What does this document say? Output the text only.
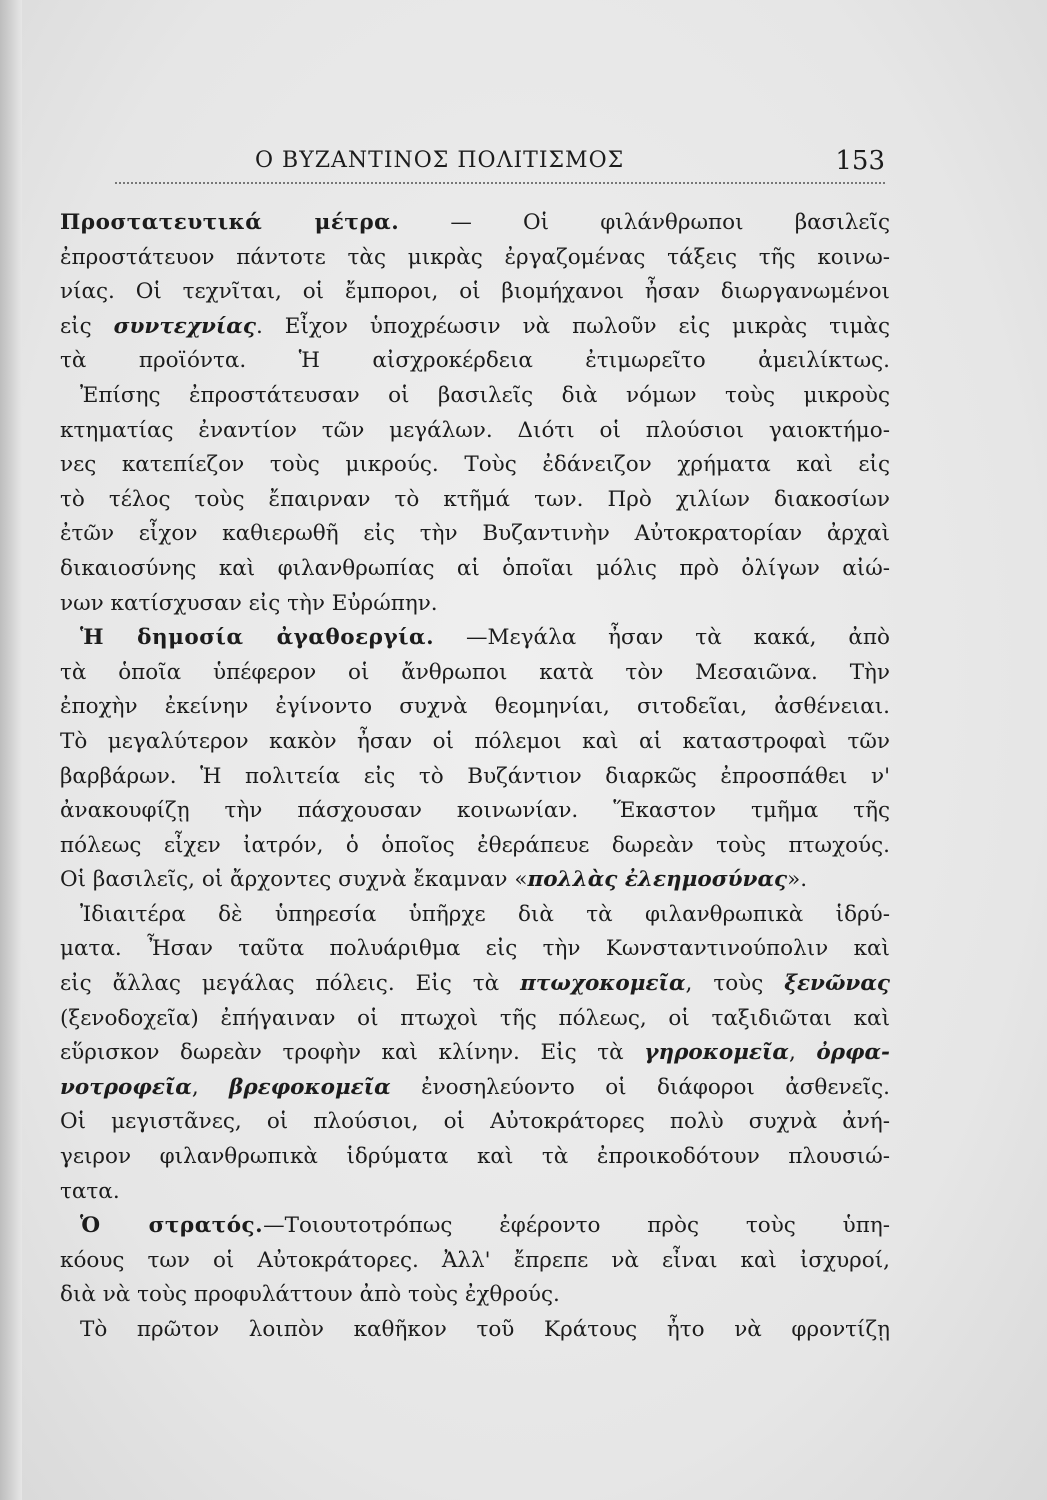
Ο ΒΥΖΑΝΤΙΝΟΣ ΠΟΛΙΤΙΣΜΟΣ	153
Προστατευτικά μέτρα. — Οἱ φιλάνθρωποι βασιλεῖς
ἐπροστάτευον πάντοτε τὰς μικρὰς ἐργαζομένας τάξεις τῆς κοινω-
νίας. Οἱ τεχνῖται, οἱ ἔμποροι, οἱ βιομήχανοι ἦσαν διωργανωμένοι
εἰς συντεχνίας. Εἶχον ὑποχρέωσιν νὰ πωλοῦν εἰς μικρὰς τιμὰς
τὰ προϊόντα. Ἡ αἰσχροκέρδεια ἐτιμωρεῖτο ἀμειλίκτως.
Ἐπίσης ἐπροστάτευσαν οἱ βασιλεῖς διὰ νόμων τοὺς μικροὺς
κτηματίας ἐναντίον τῶν μεγάλων. Διότι οἱ πλούσιοι γαιοκτήμο-
νες κατεπίεζον τοὺς μικρούς. Τοὺς ἐδάνειζον χρήματα καὶ εἰς
τὸ τέλος τοὺς ἔπαιρναν τὸ κτῆμά των. Πρὸ χιλίων διακοσίων
ἐτῶν εἶχον καθιερωθῆ εἰς τὴν Βυζαντινὴν Αὐτοκρατορίαν ἀρχαὶ
δικαιοσύνης καὶ φιλανθρωπίας αἱ ὁποῖαι μόλις πρὸ ὀλίγων αἰώ-
νων κατίσχυσαν εἰς τὴν Εὐρώπην.
Ἡ δημοσία ἀγαθοεργία. —Μεγάλα ἦσαν τὰ κακά, ἀπὸ
τὰ ὁποῖα ὑπέφερον οἱ ἄνθρωποι κατὰ τὸν Μεσαιῶνα. Τὴν
ἐποχὴν ἐκείνην ἐγίνοντο συχνὰ θεομηνίαι, σιτοδεῖαι, ἀσθένειαι.
Τὸ μεγαλύτερον κακὸν ἦσαν οἱ πόλεμοι καὶ αἱ καταστροφαὶ τῶν
βαρβάρων. Ἡ πολιτεία εἰς τὸ Βυζάντιον διαρκῶς ἐπροσπάθει ν'
ἀνακουφίζῃ τὴν πάσχουσαν κοινωνίαν. Ἕκαστον τμῆμα τῆς
πόλεως εἶχεν ἰατρόν, ὁ ὁποῖος ἐθεράπευε δωρεὰν τοὺς πτωχούς.
Οἱ βασιλεῖς, οἱ ἄρχοντες συχνὰ ἔκαμναν «πολλὰς ἐλεημοσύνας».
Ἰδιαιτέρα δὲ ὑπηρεσία ὑπῆρχε διὰ τὰ φιλανθρωπικὰ ἱδρύ-
ματα. Ἦσαν ταῦτα πολυάριθμα εἰς τὴν Κωνσταντινούπολιν καὶ
εἰς ἄλλας μεγάλας πόλεις. Εἰς τὰ πτωχοκομεῖα, τοὺς ξενῶνας
(ξενοδοχεῖα) ἐπήγαιναν οἱ πτωχοὶ τῆς πόλεως, οἱ ταξιδιῶται καὶ
εὕρισκον δωρεὰν τροφὴν καὶ κλίνην. Εἰς τὰ γηροκομεῖα, ὀρφα-
νοτροφεῖα, βρεφοκομεῖα ἐνοσηλεύοντο οἱ διάφοροι ἀσθενεῖς.
Οἱ μεγιστᾶνες, οἱ πλούσιοι, οἱ Αὐτοκράτορες πολὺ συχνὰ ἀνή-
γειρον φιλανθρωπικὰ ἱδρύματα καὶ τὰ ἐπροικοδότουν πλουσιώ-
τατα.
Ὁ στρατός.—Τοιουτοτρόπως ἐφέροντο πρὸς τοὺς ὑπη-
κόους των οἱ Αὐτοκράτορες. Ἀλλ' ἔπρεπε νὰ εἶναι καὶ ἰσχυροί,
διὰ νὰ τοὺς προφυλάττουν ἀπὸ τοὺς ἐχθρούς.
Τὸ πρῶτον λοιπὸν καθῆκον τοῦ Κράτους ἦτο νὰ φροντίζῃ
